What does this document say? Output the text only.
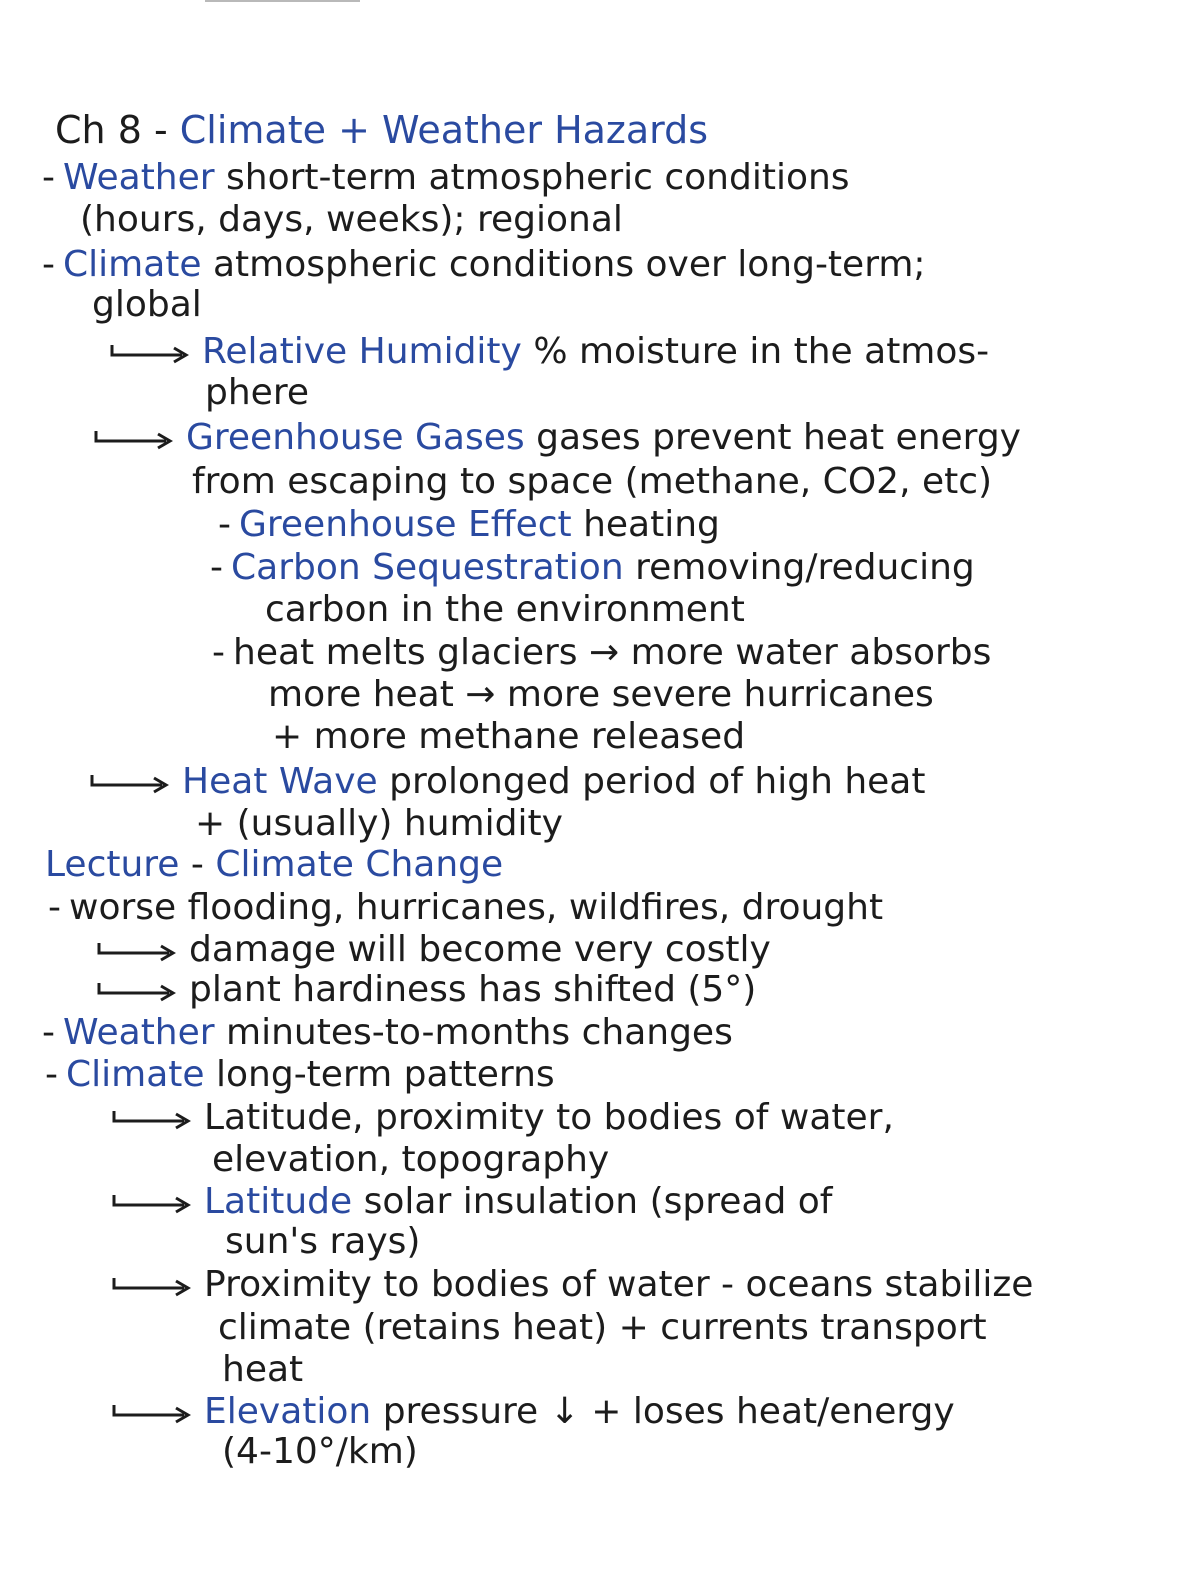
Ch 8 - Climate + Weather Hazards
- Weather short-term atmospheric conditions
(hours, days, weeks); regional
- Climate atmospheric conditions over long-term;
global
Relative Humidity % moisture in the atmos-
phere
Greenhouse Gases gases prevent heat energy
from escaping to space (methane, CO2, etc)
- Greenhouse Effect heating
- Carbon Sequestration removing/reducing
carbon in the environment
- heat melts glaciers → more water absorbs
more heat → more severe hurricanes
+ more methane released
Heat Wave prolonged period of high heat
+ (usually) humidity
Lecture - Climate Change
- worse flooding, hurricanes, wildfires, drought
damage will become very costly
plant hardiness has shifted (5°)
- Weather minutes-to-months changes
- Climate long-term patterns
Latitude, proximity to bodies of water,
elevation, topography
Latitude solar insulation (spread of
sun's rays)
Proximity to bodies of water - oceans stabilize
climate (retains heat) + currents transport
heat
Elevation pressure ↓ + loses heat/energy
(4-10°/km)
